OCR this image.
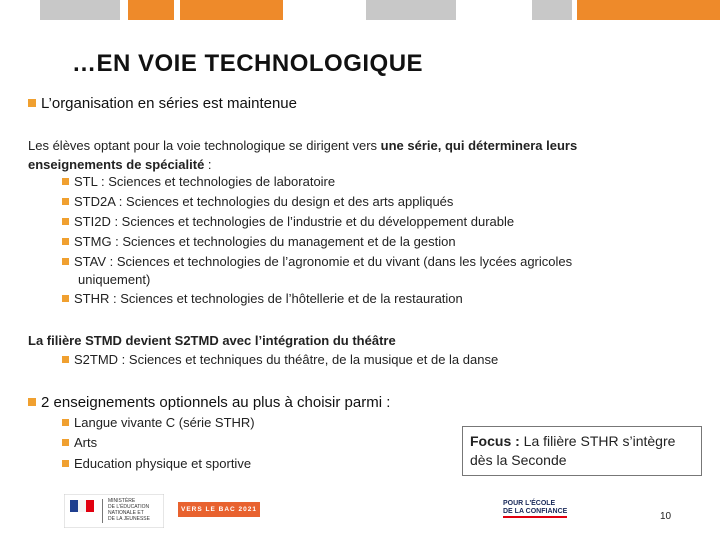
…EN VOIE TECHNOLOGIQUE
L’organisation en séries est maintenue
Les élèves optant pour la voie technologique se dirigent vers une série, qui déterminera leurs enseignements de spécialité :
STL : Sciences et technologies de laboratoire
STD2A : Sciences et technologies du design et des arts appliqués
STI2D : Sciences et technologies de l’industrie et du développement durable
STMG : Sciences et technologies du management et de la gestion
STAV : Sciences et technologies de l’agronomie et du vivant (dans les lycées agricoles
uniquement)
STHR : Sciences et technologies de l’hôtellerie et de la restauration
La filière STMD devient S2TMD avec l’intégration du théâtre
S2TMD : Sciences et techniques du théâtre, de la musique et de la danse
2 enseignements optionnels au plus à choisir parmi :
Langue vivante C (série STHR)
Arts
Education physique et sportive
Focus : La filière STHR s’intègre
dès la Seconde
MINISTÈRE
DE L'ÉDUCATION
NATIONALE ET
DE LA JEUNESSE
VERS LE BAC 2021
POUR L'ÉCOLE
DE LA CONFIANCE	10
